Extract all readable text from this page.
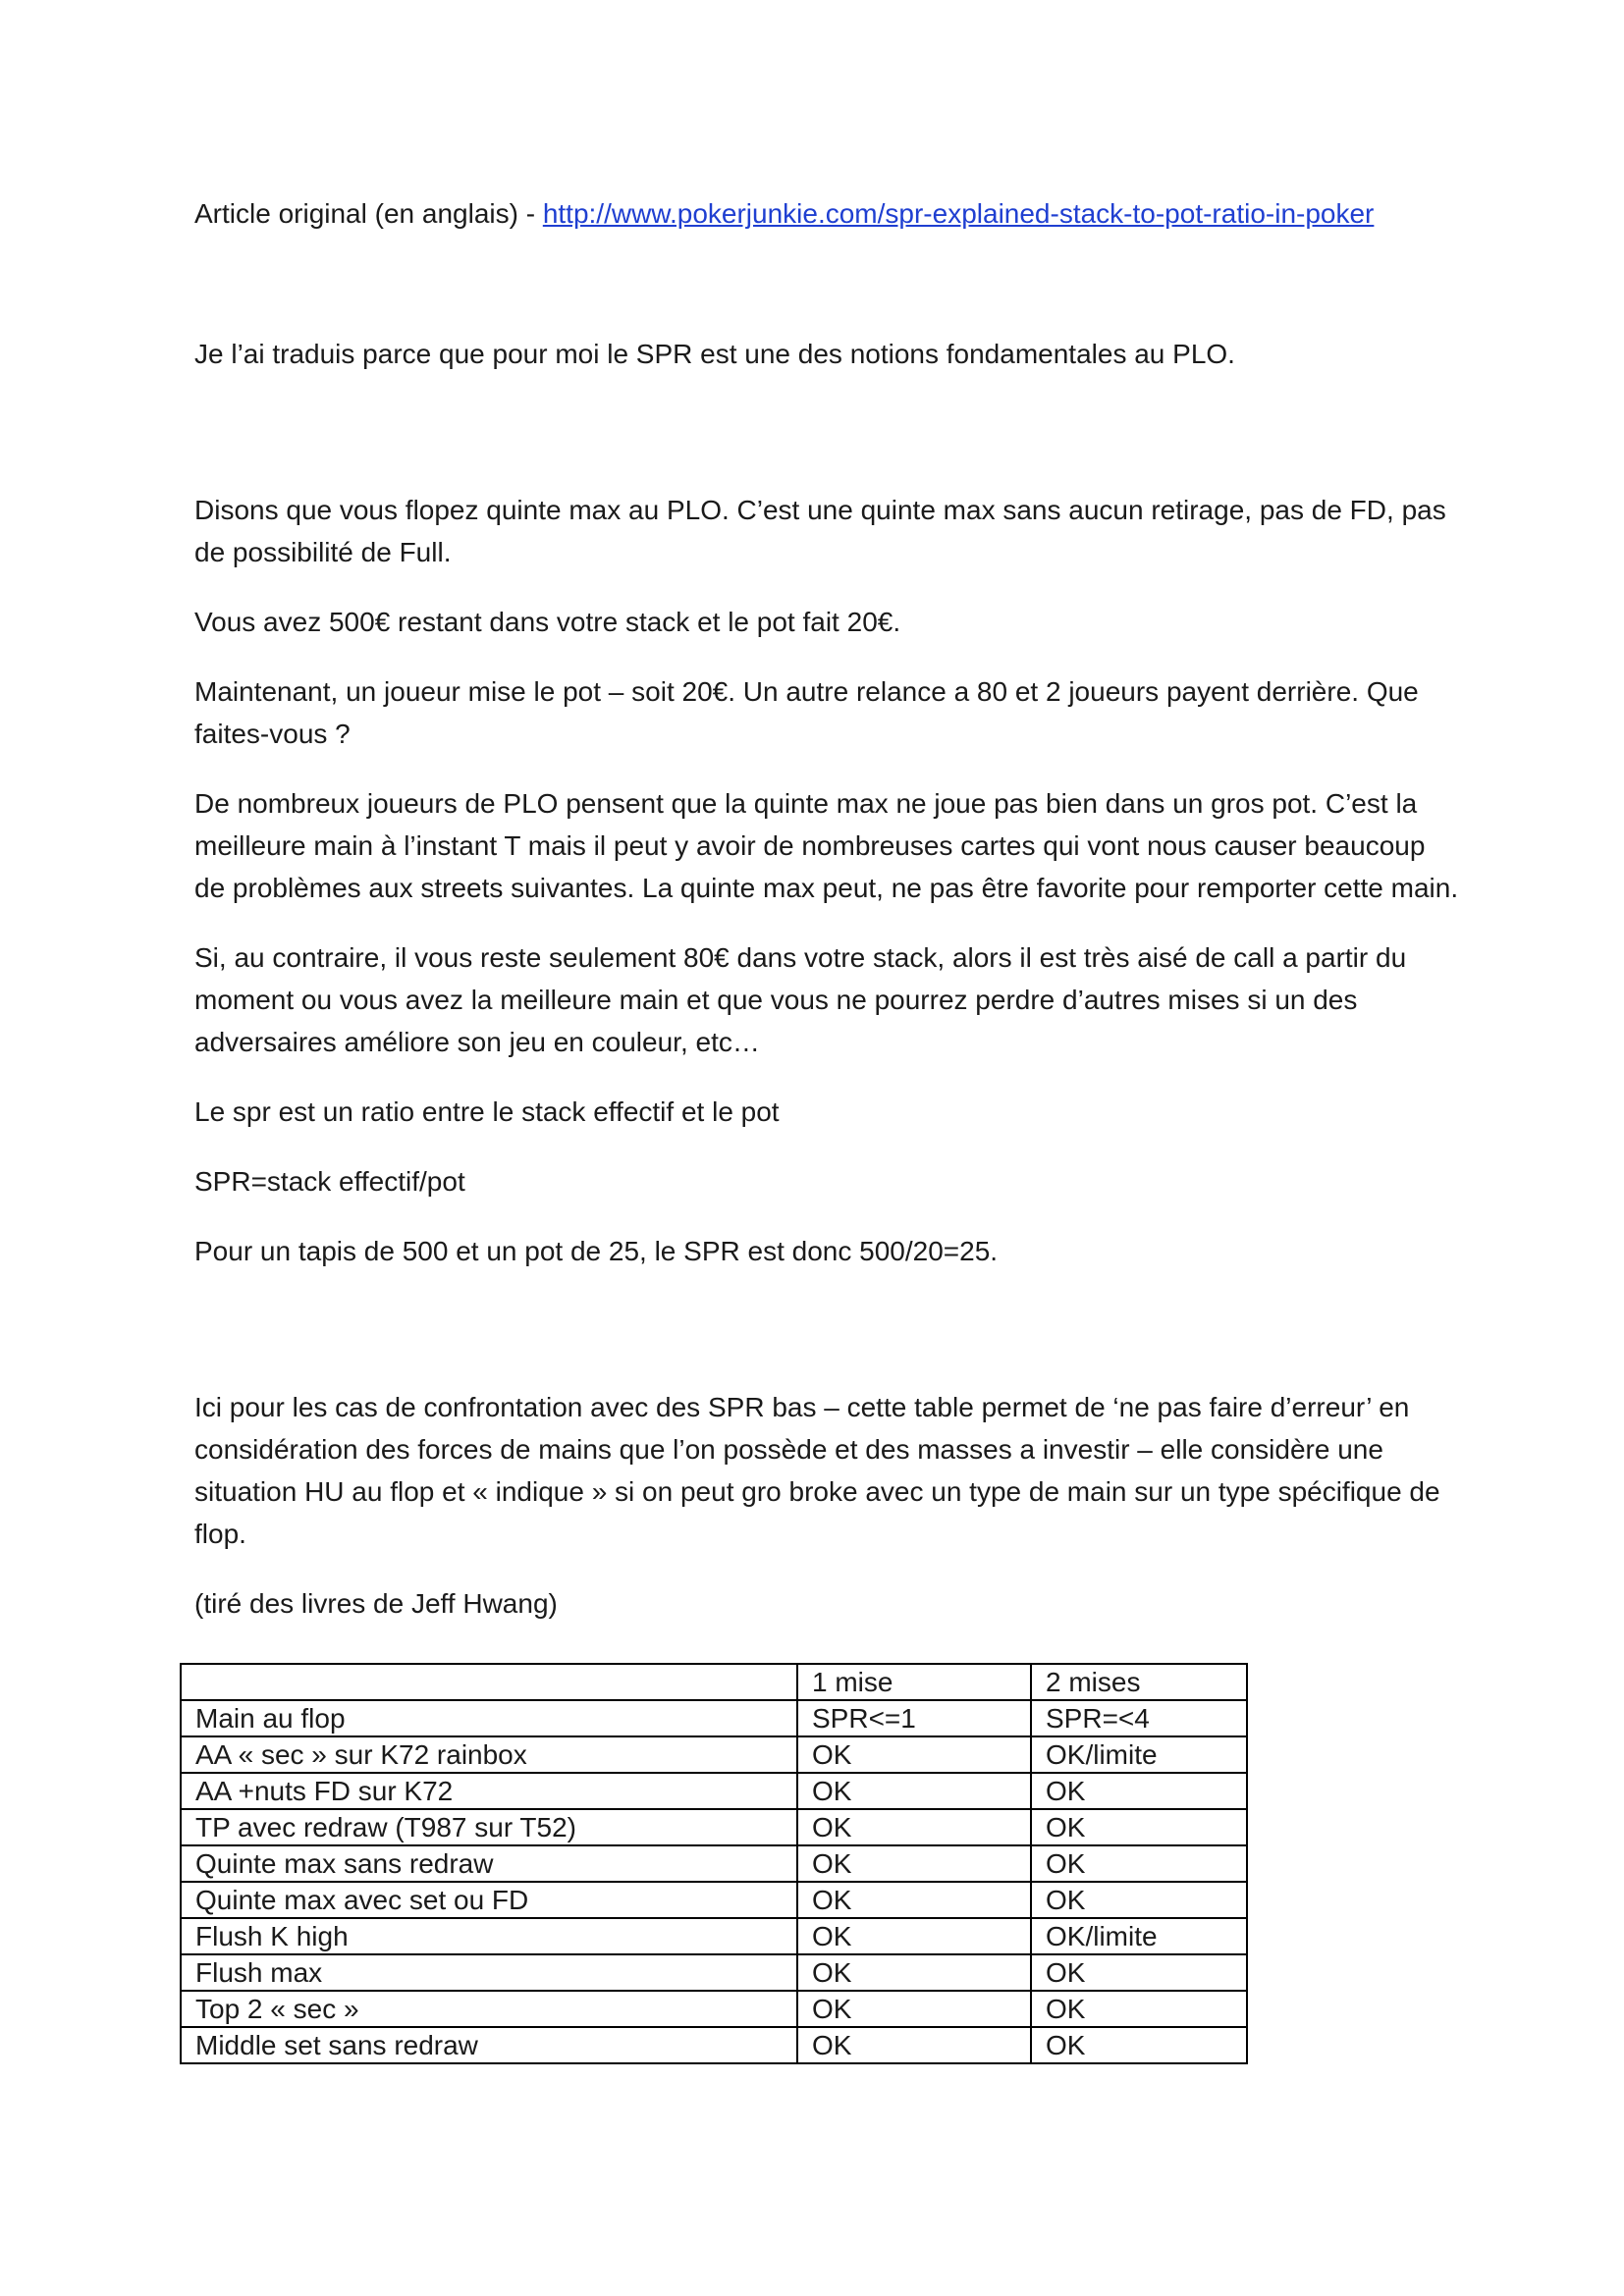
Article original (en anglais) - http://www.pokerjunkie.com/spr-explained-stack-to-pot-ratio-in-poker

Je l’ai traduis parce que pour moi le SPR est une des notions fondamentales au PLO.

Disons que vous flopez quinte max au PLO. C’est une quinte max sans aucun retirage, pas de FD, pas de possibilité de Full.

Vous avez 500€ restant dans votre stack et le pot fait 20€.

Maintenant, un joueur mise le pot – soit 20€. Un autre relance a 80 et 2 joueurs payent derrière. Que faites-vous ?

De nombreux joueurs de PLO pensent que la quinte max ne joue pas bien dans un gros pot. C’est la meilleure main à l’instant T mais il peut y avoir de nombreuses cartes qui vont nous causer beaucoup de problèmes aux streets suivantes. La quinte max peut, ne pas être favorite pour remporter cette main.

Si, au contraire, il vous reste seulement 80€ dans votre stack, alors il est très aisé de call a partir du moment ou vous avez la meilleure main et que vous ne pourrez perdre d’autres mises si un des adversaires améliore son jeu en couleur, etc…

Le spr est un ratio entre le stack effectif et le pot

SPR=stack effectif/pot

Pour un tapis de 500 et un pot de 25, le SPR est donc 500/20=25.

Ici pour les cas de confrontation avec des SPR bas – cette table permet de ‘ne pas faire d’erreur’ en considération des forces de mains que l’on possède et des masses a investir – elle considère une situation HU au flop et « indique » si on peut gro broke avec un type de main sur un type spécifique de flop.

(tiré des livres de Jeff Hwang)

	1 mise	2 mises
Main au flop	SPR<=1	SPR=<4
AA « sec » sur K72 rainbox	OK	OK/limite
AA +nuts FD sur K72	OK	OK
TP avec redraw (T987 sur T52)	OK	OK
Quinte max sans redraw	OK	OK
Quinte max avec set ou FD	OK	OK
Flush K high	OK	OK/limite
Flush max	OK	OK
Top 2 « sec »	OK	OK
Middle set sans redraw	OK	OK
